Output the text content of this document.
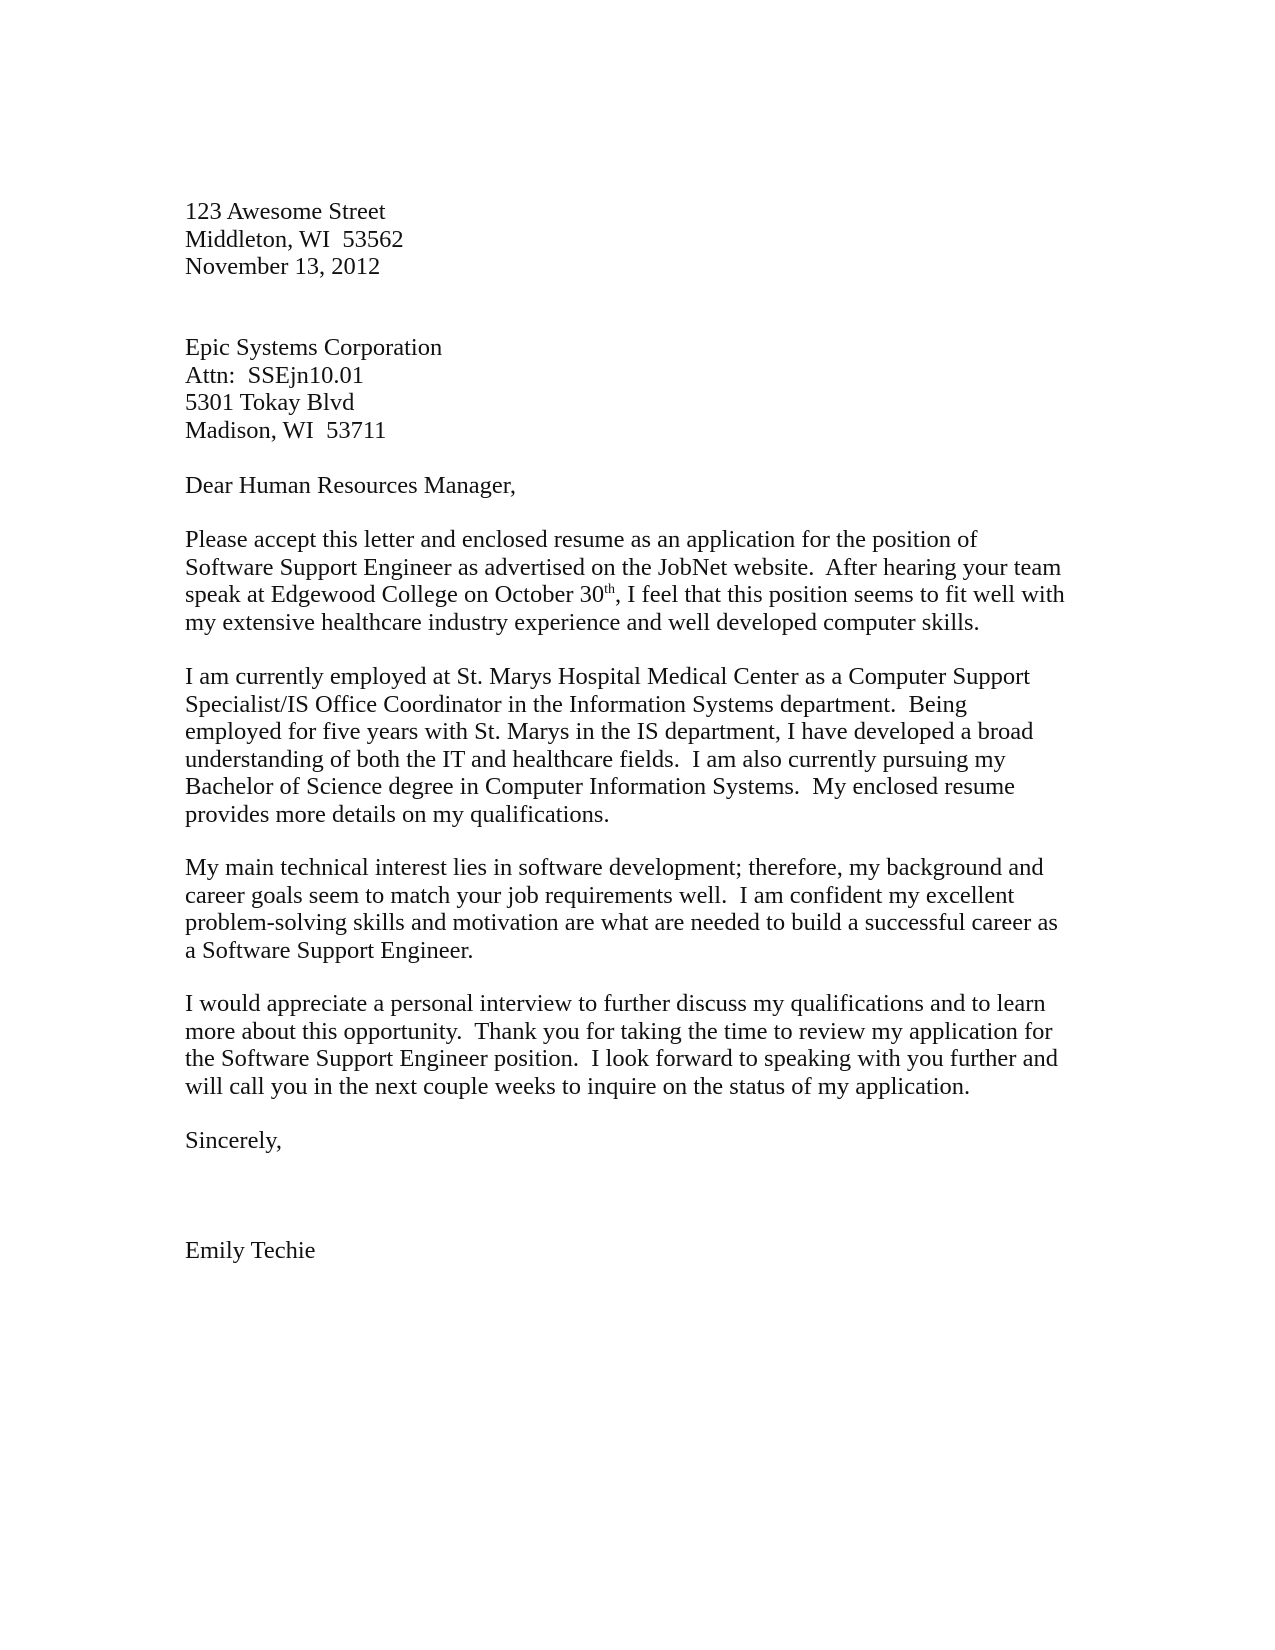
123 Awesome Street
Middleton, WI  53562
November 13, 2012
Epic Systems Corporation
Attn:  SSEjn10.01
5301 Tokay Blvd
Madison, WI  53711
Dear Human Resources Manager,
Please accept this letter and enclosed resume as an application for the position of
Software Support Engineer as advertised on the JobNet website.  After hearing your team
speak at Edgewood College on October 30th, I feel that this position seems to fit well with
my extensive healthcare industry experience and well developed computer skills.
I am currently employed at St. Marys Hospital Medical Center as a Computer Support
Specialist/IS Office Coordinator in the Information Systems department.  Being
employed for five years with St. Marys in the IS department, I have developed a broad
understanding of both the IT and healthcare fields.  I am also currently pursuing my
Bachelor of Science degree in Computer Information Systems.  My enclosed resume
provides more details on my qualifications.
My main technical interest lies in software development; therefore, my background and
career goals seem to match your job requirements well.  I am confident my excellent
problem-solving skills and motivation are what are needed to build a successful career as
a Software Support Engineer.
I would appreciate a personal interview to further discuss my qualifications and to learn
more about this opportunity.  Thank you for taking the time to review my application for
the Software Support Engineer position.  I look forward to speaking with you further and
will call you in the next couple weeks to inquire on the status of my application.
Sincerely,
Emily Techie
